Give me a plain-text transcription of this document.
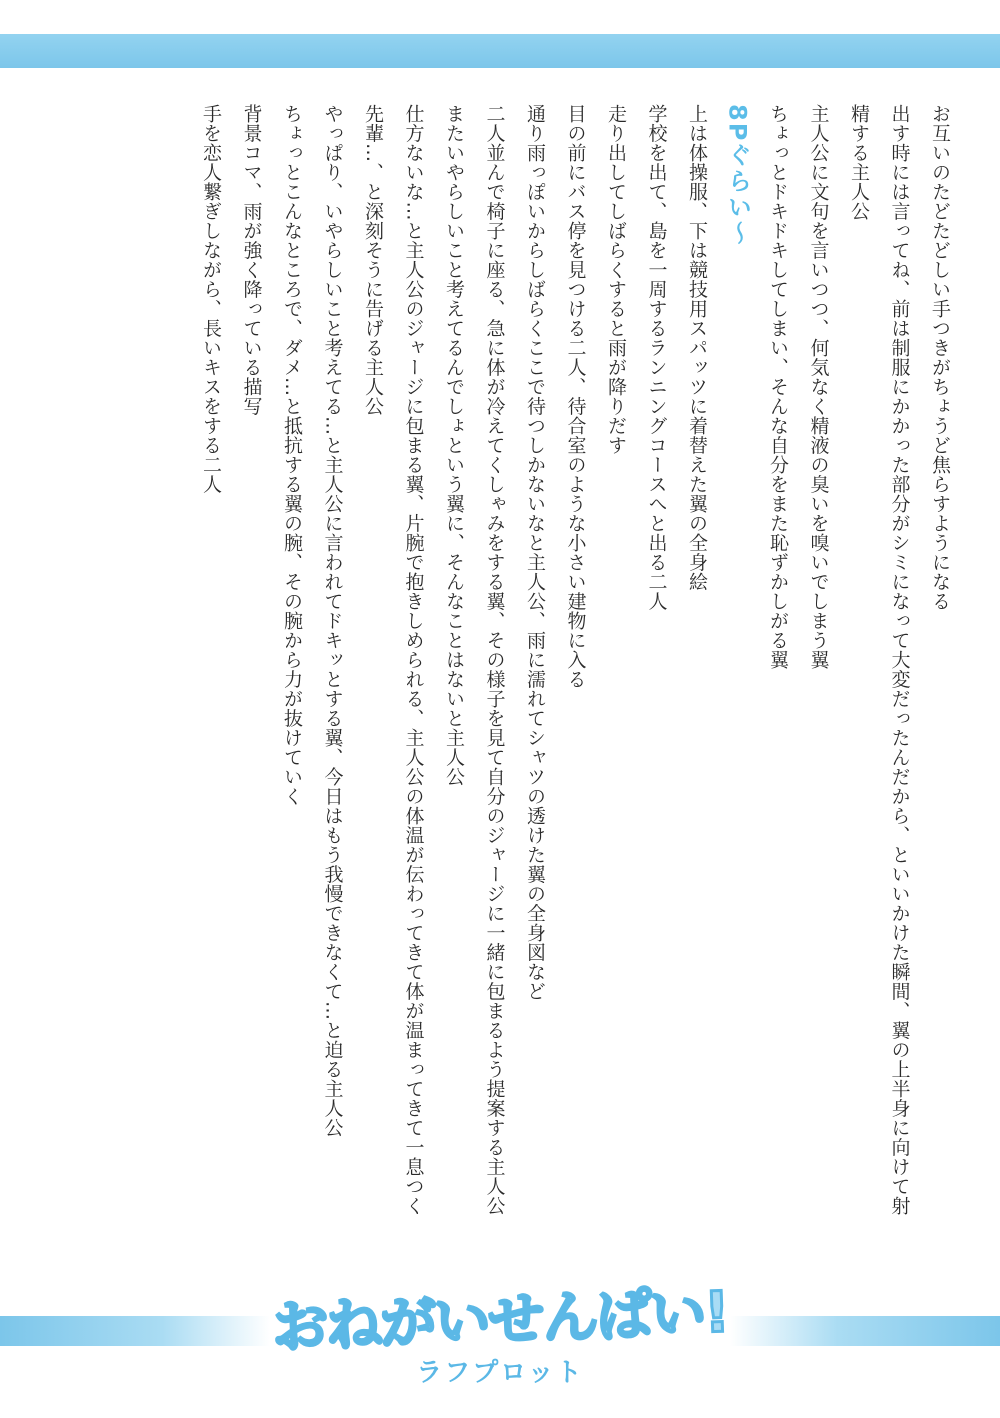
お互いのたどたどしい手つきがちょうど焦らすようになる
出す時には言ってね、前は制服にかかった部分がシミになって大変だったんだから、といいかけた瞬間、翼の上半身に向けて射
精する主人公
主人公に文句を言いつつ、何気なく精液の臭いを嗅いでしまう翼
ちょっとドキドキしてしまい、そんな自分をまた恥ずかしがる翼
8Pぐらい～
上は体操服、下は競技用スパッツに着替えた翼の全身絵
学校を出て、島を一周するランニングコースへと出る二人
走り出してしばらくすると雨が降りだす
目の前にバス停を見つける二人、待合室のような小さい建物に入る
通り雨っぽいからしばらくここで待つしかないなと主人公、雨に濡れてシャツの透けた翼の全身図など
二人並んで椅子に座る、急に体が冷えてくしゃみをする翼、その様子を見て自分のジャージに一緒に包まるよう提案する主人公
またいやらしいこと考えてるんでしょという翼に、そんなことはないと主人公
仕方ないな…と主人公のジャージに包まる翼、片腕で抱きしめられる、主人公の体温が伝わってきて体が温まってきて一息つく
先輩…、と深刻そうに告げる主人公
やっぱり、いやらしいこと考えてる…と主人公に言われてドキッとする翼、今日はもう我慢できなくて…と迫る主人公
ちょっとこんなところで、ダメ…と抵抗する翼の腕、その腕から力が抜けていく
背景コマ、雨が強く降っている描写
手を恋人繋ぎしながら、長いキスをする二人
おねがいせんぱい!
ラフプロット
